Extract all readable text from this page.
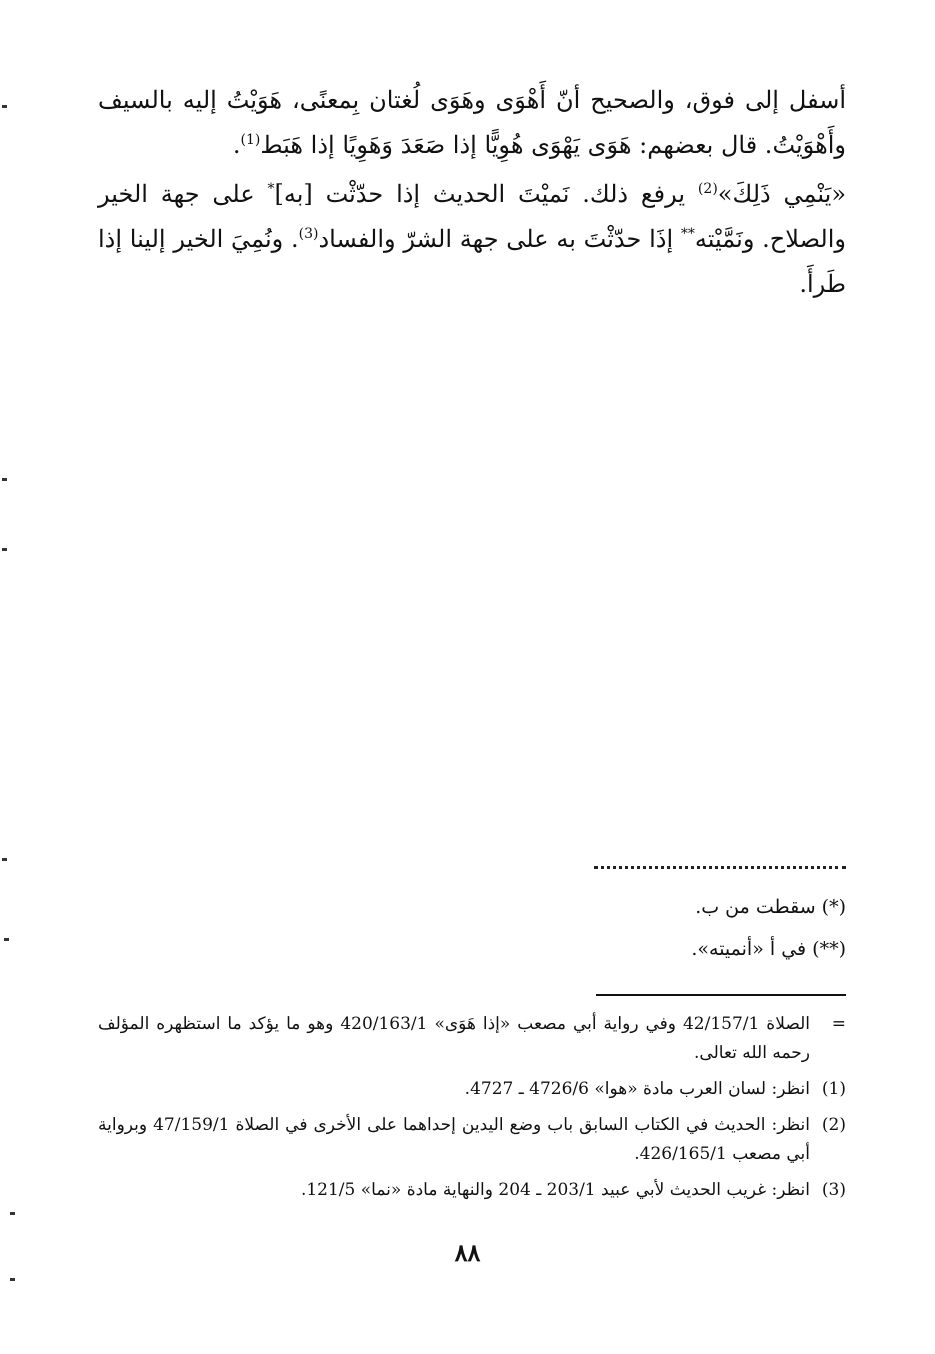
أسفل إلى فوق، والصحيح أنّ أَهْوَى وهَوَى لُغتان بِمعنًى، هَوَيْتُ إليه بالسيف وأَهْوَيْتُ. قال بعضهم: هَوَى يَهْوَى هُوِيًّا إذا صَعَدَ وَهَوِيًا إذا هَبَط$^{(1)}$.

«يَنْمِي ذَلِكَ»$^{(2)}$ يرفع ذلك. نَميْتَ الحديث إذا حدّثْت [به]* على جهة الخير والصلاح. ونَمَّيْته** إذَا حدّثْتَ به على جهة الشرّ والفساد$^{(3)}$. ونُمِيَ الخير إلينا إذا طَرأَ.

(*) سقطت من ب.
(**) في أ «أنميته».
=
الصلاة 42/157/1 وفي رواية أبي مصعب «إذا هَوَى» 420/163/1 وهو ما يؤكد ما استظهره المؤلف رحمه الله تعالى.
(1)
انظر: لسان العرب مادة «هوا» 4726/6 ـ 4727.
(2)
انظر: الحديث في الكتاب السابق باب وضع اليدين إحداهما على الأخرى في الصلاة 47/159/1 وبرواية أبي مصعب 426/165/1.
(3)
انظر: غريب الحديث لأبي عبيد 203/1 ـ 204 والنهاية مادة «نما» 121/5.
٨٨
